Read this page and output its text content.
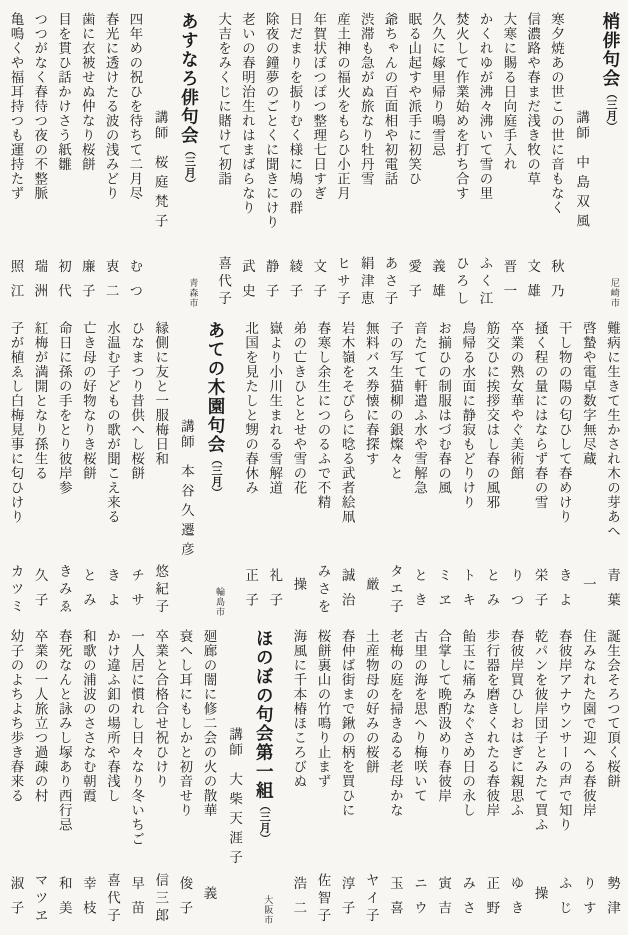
梢俳句会︵三月︶
尼崎市
講師中島双風
寒夕焼あの世この世に音もなく
秋乃
信濃路や春まだ浅き牧の草
文雄
大寒に賜る日向庭手入れ
晋一
かくれゆが沸々沸いて雪の里
ふく江
焚火して作業始めを打ち合す
ひろし
久久に嫁里帰り鳴雪忌
義雄
眠る山起すや派手に初笑ひ
愛子
爺ちゃんの百面相や初電話
あさ子
渋滞も急がぬ旅なり牡丹雪
絹津恵
産土神の福火をもらひ小正月
ヒサ子
年賀状ぽつぽつ整理七日すぎ
文子
日だまりを振りむく様に鳩の群
綾子
除夜の鐘夢のごとくに聞きにけり
静子
老いの春明治生れはまばらなり
武史
大吉をみくじに賭けて初詣
喜代子
あすなろ俳句会︵三月︶
青森市
講師桜庭梵子
四年めの祝ひを待ちて二月尽
むつ
春光に透けたる波の浅みどり
衷二
歯に衣被せぬ仲なり桜餅
廉子
目を貫ひ話かけさう紙雛
初代
つつがなく春待つ夜の不整脈
瑞洲
亀鳴くや福耳持つも運持たず
照江
難病に生きて生かされ木の芽あへ
青葉
啓蟄や電卓数字無尽蔵
一
干し物の陽の匂ひして春めけり
きよ
掻く程の量にはならず春の雪
栄子
卒業の熟女華やぐ美術館
りつ
筋交ひに挨拶交はし春の風邪
とみ
鳥帰る水面に静寂もどりけり
トキ
お揃ひの制服はづむ春の風
ミヱ
音たてて軒遣ふ水や雪解急
とき
子の写生猫柳の銀燦々と
タエ子
無料バス券懐に春探す
厳
岩木嶺をそびらに唸る武者絵凧
誠治
春寒し余生につのるふで不精
みさを
弟の亡きひととせや雪の花
操
嶽より小川生まれる雪解道
礼子
北国を見たしと甥の春休み
正子
あての木園句会︵三月︶
輪島市
講師本谷久遷彦
縁側に友と一服梅日和
悠紀子
ひなまつり昔供へし桜餅
チサ
水温む子どもの歌が聞こえ来る
きよ
亡き母の好物なりき桜餅
とみ
命日に孫の手をとり彼岸参
きみゑ
紅梅が満開となり孫生る
久子
子が植ゑし白梅見事に匂ひけり
カツミ
誕生会そろつて頂く桜餅
勢津
住みなれた園で迎へる春彼岸
りす
春彼岸アナウンサーの声で知り
ふじ
乾パンを彼岸団子とみたて買ふ
操
春彼岸買ひしおはぎに親思ふ
ゆき
歩行器を磨きくれたる春彼岸
正野
飴玉に痛みなぐさめ日の永し
みさ
合掌して晩酌汲めり春彼岸
寅吉
古里の海を思へり梅咲いて
ニウ
老梅の庭を掃きゐる老母かな
玉喜
土産物母の好みの桜餅
ヤイ子
春仲ば街まで鍬の柄を買ひに
淳子
桜餅裏山の竹鳴り止まず
佐智子
海風に千本椿ほころびぬ
浩二
ほのぼの句会第一組︵三月︶
大阪市
講師大柴天涯子
廻廊の闇に修二会の火の散華
義
衰へし耳にもしかと初音せり
俊子
卒業と合格合せ祝ひけり
信三郎
一人居に慣れし日々なり冬いちご
早苗
かけ違ふ釦の場所や春浅し
喜代子
和歌の浦波のささなむ朝霞
幸枝
春死なんと詠みし塚あり西行忌
和美
卒業の一人旅立つ過疎の村
マツヱ
幼子のよちよち歩き春来る
淑子
